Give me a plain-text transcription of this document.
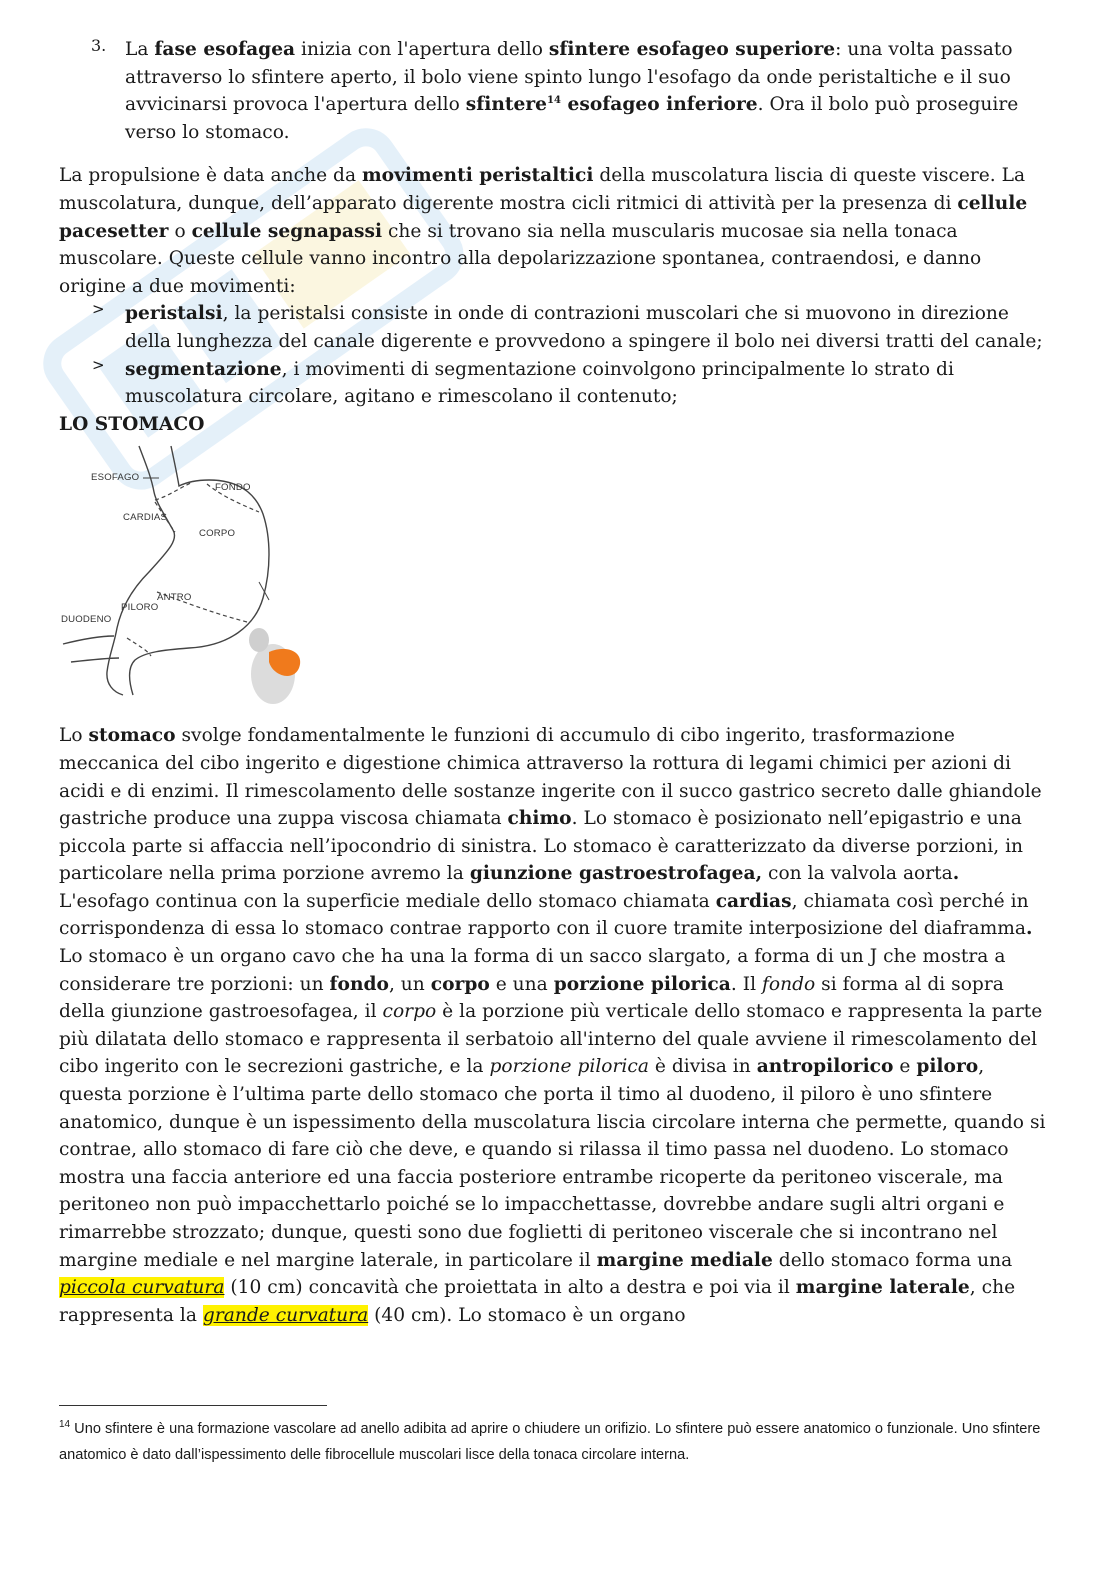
3. La fase esofagea inizia con l'apertura dello sfintere esofageo superiore: una volta passato attraverso lo sfintere aperto, il bolo viene spinto lungo l'esofago da onde peristaltiche e il suo avvicinarsi provoca l'apertura dello sfintere$^{14}$ esofageo inferiore. Ora il bolo può proseguire verso lo stomaco.

La propulsione è data anche da movimenti peristaltici della muscolatura liscia di queste viscere. La muscolatura, dunque, dell’apparato digerente mostra cicli ritmici di attività per la presenza di cellule pacesetter o cellule segnapassi che si trovano sia nella muscularis mucosae sia nella tonaca muscolare. Queste cellule vanno incontro alla depolarizzazione spontanea, contraendosi, e danno origine a due movimenti:

> peristalsi, la peristalsi consiste in onde di contrazioni muscolari che si muovono in direzione della lunghezza del canale digerente e provvedono a spingere il bolo nei diversi tratti del canale;

> segmentazione, i movimenti di segmentazione coinvolgono principalmente lo strato di muscolatura circolare, agitano e rimescolano il contenuto;

LO STOMACO

ESOFAGO
FONDO
CARDIAS
CORPO
ANTRO
PILORO
DUODENO

Lo stomaco svolge fondamentalmente le funzioni di accumulo di cibo ingerito, trasformazione meccanica del cibo ingerito e digestione chimica attraverso la rottura di legami chimici per azioni di acidi e di enzimi. Il rimescolamento delle sostanze ingerite con il succo gastrico secreto dalle ghiandole gastriche produce una zuppa viscosa chiamata chimo. Lo stomaco è posizionato nell’epigastrio e una piccola parte si affaccia nell’ipocondrio di sinistra. Lo stomaco è caratterizzato da diverse porzioni, in particolare nella prima porzione avremo la giunzione gastroestrofagea, con la valvola aorta. L'esofago continua con la superficie mediale dello stomaco chiamata cardias, chiamata così perché in corrispondenza di essa lo stomaco contrae rapporto con il cuore tramite interposizione del diaframma. Lo stomaco è un organo cavo che ha una la forma di un sacco slargato, a forma di un J che mostra a considerare tre porzioni: un fondo, un corpo e una porzione pilorica. Il fondo si forma al di sopra della giunzione gastroesofagea, il corpo è la porzione più verticale dello stomaco e rappresenta la parte più dilatata dello stomaco e rappresenta il serbatoio all'interno del quale avviene il rimescolamento del cibo ingerito con le secrezioni gastriche, e la porzione pilorica è divisa in antropilorico e piloro, questa porzione è l’ultima parte dello stomaco che porta il timo al duodeno, il piloro è uno sfintere anatomico, dunque è un ispessimento della muscolatura liscia circolare interna che permette, quando si contrae, allo stomaco di fare ciò che deve, e quando si rilassa il timo passa nel duodeno. Lo stomaco mostra una faccia anteriore ed una faccia posteriore entrambe ricoperte da peritoneo viscerale, ma peritoneo non può impacchettarlo poiché se lo impacchettasse, dovrebbe andare sugli altri organi e rimarrebbe strozzato; dunque, questi sono due foglietti di peritoneo viscerale che si incontrano nel margine mediale e nel margine laterale, in particolare il margine mediale dello stomaco forma una piccola curvatura (10 cm) concavità che proiettata in alto a destra e poi via il margine laterale, che rappresenta la grande curvatura (40 cm). Lo stomaco è un organo

$^{14}$ Uno sfintere è una formazione vascolare ad anello adibita ad aprire o chiudere un orifizio. Lo sfintere può essere anatomico o funzionale. Uno sfintere anatomico è dato dall’ispessimento delle fibrocellule muscolari lisce della tonaca circolare interna.
